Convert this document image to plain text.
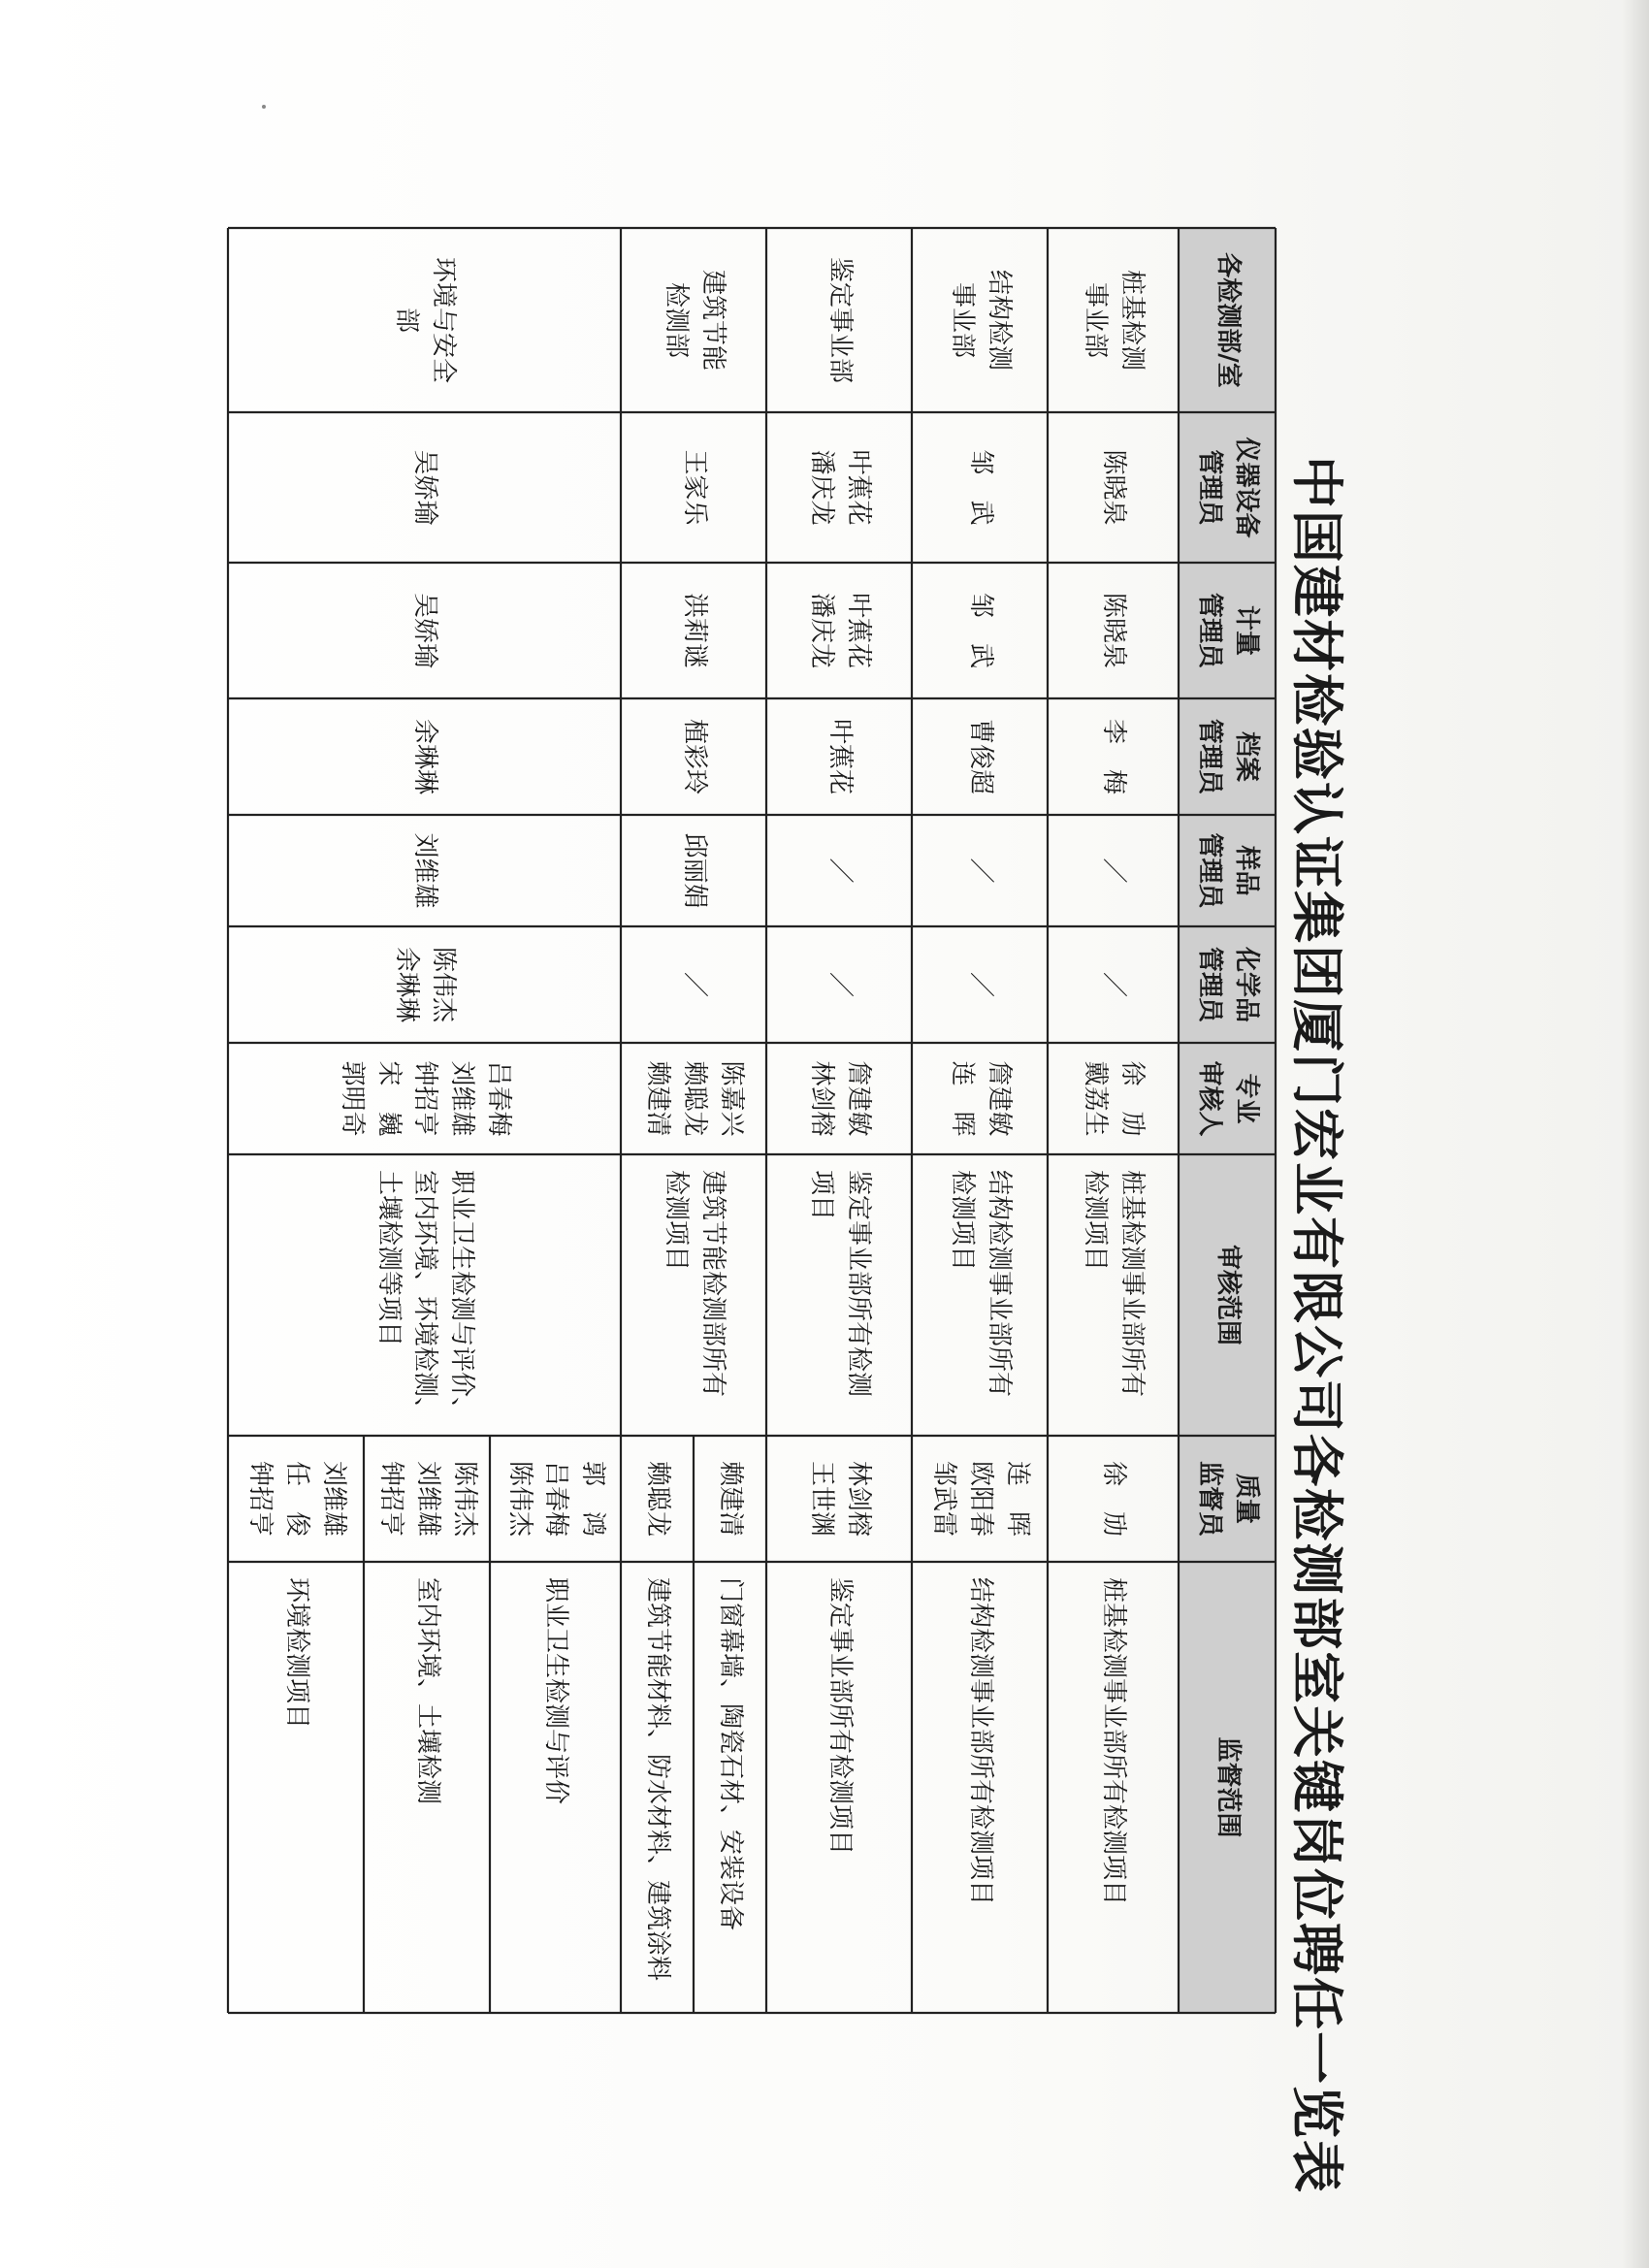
中国建材检验认证集团厦门宏业有限公司各检测部室关键岗位聘任一览表
各检测部/室
仪器设备
管理员
计量
管理员
档案
管理员
样品
管理员
化学品
管理员
专业
审核人
审核范围
质量
监督员
监督范围
桩基检测
事业部
陈晓泉
陈晓泉
李　梅
／
／
徐　劢
戴荔生
桩基检测事业部所有
检测项目
徐　劢
桩基检测事业部所有检测项目
结构检测
事业部
邹　武
邹　武
曹俊超
／
／
詹建敏
连　晖
结构检测事业部所有
检测项目
连　晖
欧阳春
邹武雷
结构检测事业部所有检测项目
鉴定事业部
叶蕉花
潘庆龙
叶蕉花
潘庆龙
叶蕉花
／
／
詹建敏
林剑榕
鉴定事业部所有检测
项目
林剑榕
王世渊
鉴定事业部所有检测项目
建筑节能
检测部
王家乐
洪莉谜
植彩玲
邱丽娟
／
陈嘉兴
赖聪龙
赖建清
建筑节能检测部所有
检测项目
赖建清
门窗幕墙、陶瓷石材、安装设备
赖聪龙
建筑节能材料、防水材料、建筑涂料
环境与安全
部
吴娇瑜
吴娇瑜
余琳琳
刘维雄
陈伟杰
余琳琳
吕春梅
刘维雄
钟招亨
宋　巍
郭明奇
职业卫生检测与评价、
室内环境、环境检测、
土壤检测等项目
郭　鸿
吕春梅
陈伟杰
职业卫生检测与评价
陈伟杰
刘维雄
钟招亨
室内环境、土壤检测
刘维雄
任　俊
钟招亨
环境检测项目
